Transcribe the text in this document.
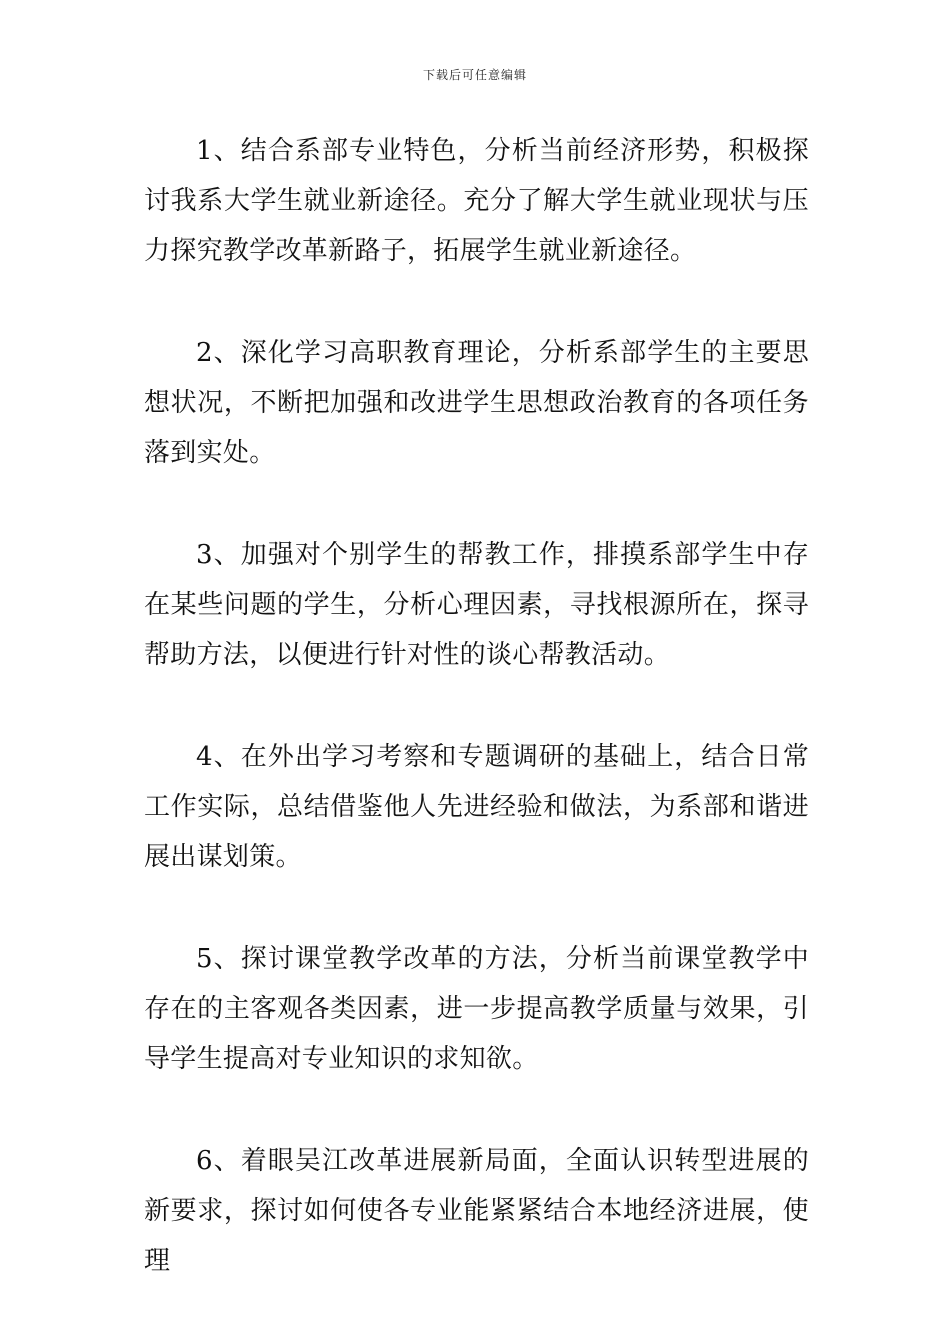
下载后可任意编辑

1、结合系部专业特色，分析当前经济形势，积极探讨我系大学生就业新途径。充分了解大学生就业现状与压力探究教学改革新路子，拓展学生就业新途径。

2、深化学习高职教育理论，分析系部学生的主要思想状况，不断把加强和改进学生思想政治教育的各项任务落到实处。

3、加强对个别学生的帮教工作，排摸系部学生中存在某些问题的学生，分析心理因素，寻找根源所在，探寻帮助方法，以便进行针对性的谈心帮教活动。

4、在外出学习考察和专题调研的基础上，结合日常工作实际，总结借鉴他人先进经验和做法，为系部和谐进展出谋划策。

5、探讨课堂教学改革的方法，分析当前课堂教学中存在的主客观各类因素，进一步提高教学质量与效果，引导学生提高对专业知识的求知欲。

6、着眼吴江改革进展新局面，全面认识转型进展的新要求，探讨如何使各专业能紧紧结合本地经济进展，使理
